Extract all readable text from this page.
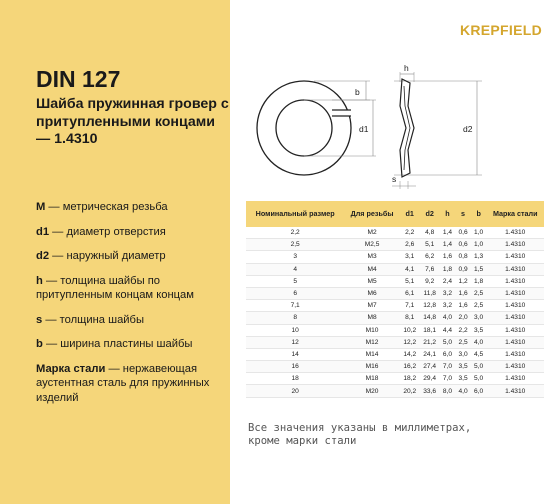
DIN 127
Шайба пружинная гровер с притупленными концами — 1.4310
M — метрическая резьба
d1 — диаметр отверстия
d2 — наружный диаметр
h — толщина шайбы по притупленным концам концам
s — толщина шайбы
b — ширина пластины шайбы
Марка стали — нержавеющая аустентная сталь для пружинных изделий
KREPFIELD
b
d1
h
d2
s
Номинальный размер	Для резьбы	d1	d2	h	s	b	Марка стали
2,2	M2	2,2	4,8	1,4	0,6	1,0	1.4310
2,5	M2,5	2,6	5,1	1,4	0,6	1,0	1.4310
3	M3	3,1	6,2	1,6	0,8	1,3	1.4310
4	M4	4,1	7,6	1,8	0,9	1,5	1.4310
5	M5	5,1	9,2	2,4	1,2	1,8	1.4310
6	M6	6,1	11,8	3,2	1,6	2,5	1.4310
7,1	M7	7,1	12,8	3,2	1,6	2,5	1.4310
8	M8	8,1	14,8	4,0	2,0	3,0	1.4310
10	M10	10,2	18,1	4,4	2,2	3,5	1.4310
12	M12	12,2	21,2	5,0	2,5	4,0	1.4310
14	M14	14,2	24,1	6,0	3,0	4,5	1.4310
16	M16	16,2	27,4	7,0	3,5	5,0	1.4310
18	M18	18,2	29,4	7,0	3,5	5,0	1.4310
20	M20	20,2	33,6	8,0	4,0	6,0	1.4310
Все значения указаны в миллиметрах, кроме марки стали
